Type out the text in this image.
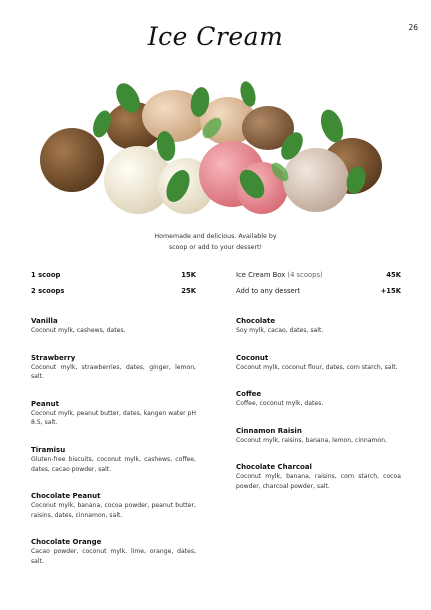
26
Ice Cream
Homemade and delicious. Available by
scoop or add to your dessert!
1 scoop	15K
2 scoops	25K
Vanilla
Coconut mylk, cashews, dates.
Strawberry
Coconut mylk, strawberries, dates, ginger, lemon, salt.
Peanut
Coconut mylk, peanut butter, dates, kangen water pH 8.5, salt.
Tiramisu
Gluten-free biscuits, coconut mylk, cashews, coffee, dates, cacao powder, salt.
Chocolate Peanut
Coconut mylk, banana, cocoa powder, peanut butter, raisins, dates, cinnamon, salt.
Chocolate Orange
Cacao powder, coconut mylk, lime, orange, dates, salt.
Ice Cream Box (4 scoops)	45K
Add to any dessert	+15K
Chocolate
Soy mylk, cacao, dates, salt.
Coconut
Coconut mylk, coconut flour, dates, corn starch, salt.
Coffee
Coffee, coconut mylk, dates.
Cinnamon Raisin
Coconut mylk, raisins, banana, lemon, cinnamon.
Chocolate Charcoal
Coconut mylk, banana, raisins, corn starch, cocoa powder, charcoal powder, salt.
